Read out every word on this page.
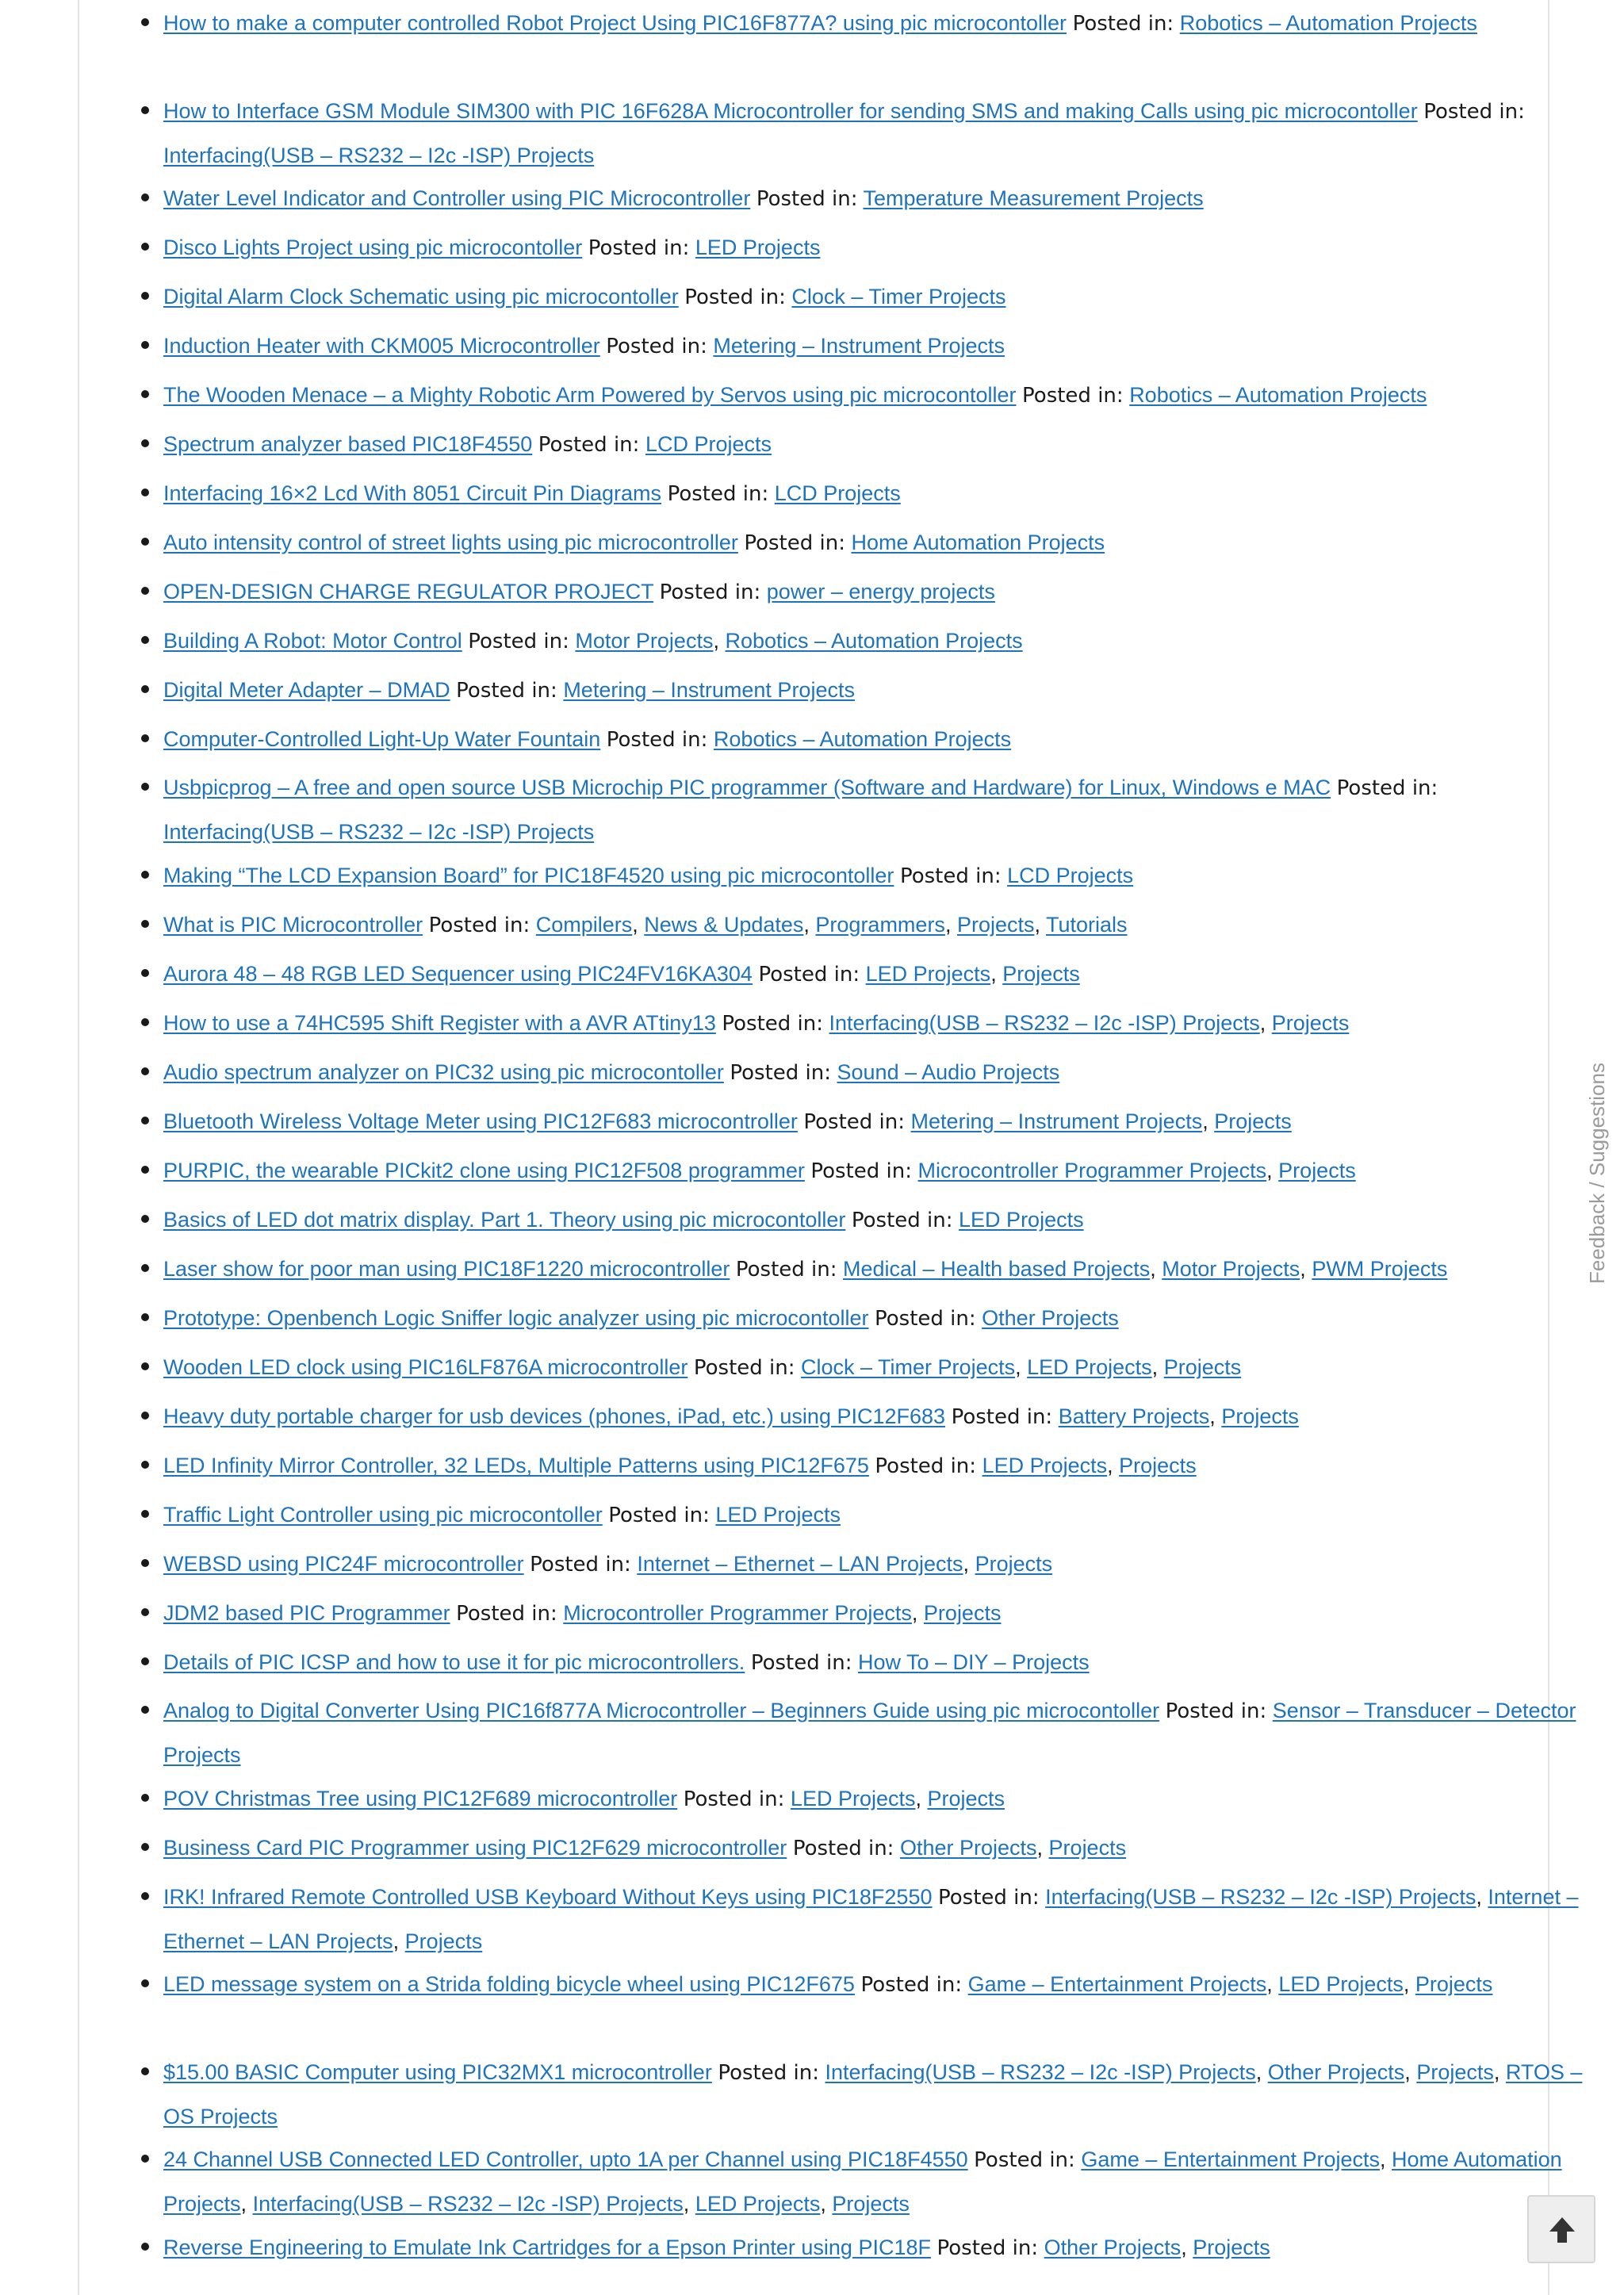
How to make a computer controlled Robot Project Using PIC16F877A? using pic microcontoller Posted in: Robotics – Automation Projects
How to Interface GSM Module SIM300 with PIC 16F628A Microcontroller for sending SMS and making Calls using pic microcontoller Posted in: Interfacing(USB – RS232 – I2c -ISP) Projects
Water Level Indicator and Controller using PIC Microcontroller Posted in: Temperature Measurement Projects
Disco Lights Project using pic microcontoller Posted in: LED Projects
Digital Alarm Clock Schematic using pic microcontoller Posted in: Clock – Timer Projects
Induction Heater with CKM005 Microcontroller Posted in: Metering – Instrument Projects
The Wooden Menace – a Mighty Robotic Arm Powered by Servos using pic microcontoller Posted in: Robotics – Automation Projects
Spectrum analyzer based PIC18F4550 Posted in: LCD Projects
Interfacing 16×2 Lcd With 8051 Circuit Pin Diagrams Posted in: LCD Projects
Auto intensity control of street lights using pic microcontroller Posted in: Home Automation Projects
OPEN-DESIGN CHARGE REGULATOR PROJECT Posted in: power – energy projects
Building A Robot: Motor Control Posted in: Motor Projects, Robotics – Automation Projects
Digital Meter Adapter – DMAD Posted in: Metering – Instrument Projects
Computer-Controlled Light-Up Water Fountain Posted in: Robotics – Automation Projects
Usbpicprog – A free and open source USB Microchip PIC programmer (Software and Hardware) for Linux, Windows e MAC Posted in: Interfacing(USB – RS232 – I2c -ISP) Projects
Making “The LCD Expansion Board” for PIC18F4520 using pic microcontoller Posted in: LCD Projects
What is PIC Microcontroller Posted in: Compilers, News & Updates, Programmers, Projects, Tutorials
Aurora 48 – 48 RGB LED Sequencer using PIC24FV16KA304 Posted in: LED Projects, Projects
How to use a 74HC595 Shift Register with a AVR ATtiny13 Posted in: Interfacing(USB – RS232 – I2c -ISP) Projects, Projects
Audio spectrum analyzer on PIC32 using pic microcontoller Posted in: Sound – Audio Projects
Bluetooth Wireless Voltage Meter using PIC12F683 microcontroller Posted in: Metering – Instrument Projects, Projects
PURPIC, the wearable PICkit2 clone using PIC12F508 programmer Posted in: Microcontroller Programmer Projects, Projects
Basics of LED dot matrix display. Part 1. Theory using pic microcontoller Posted in: LED Projects
Laser show for poor man using PIC18F1220 microcontroller Posted in: Medical – Health based Projects, Motor Projects, PWM Projects
Prototype: Openbench Logic Sniffer logic analyzer using pic microcontoller Posted in: Other Projects
Wooden LED clock using PIC16LF876A microcontroller Posted in: Clock – Timer Projects, LED Projects, Projects
Heavy duty portable charger for usb devices (phones, iPad, etc.) using PIC12F683 Posted in: Battery Projects, Projects
LED Infinity Mirror Controller, 32 LEDs, Multiple Patterns using PIC12F675 Posted in: LED Projects, Projects
Traffic Light Controller using pic microcontoller Posted in: LED Projects
WEBSD using PIC24F microcontroller Posted in: Internet – Ethernet – LAN Projects, Projects
JDM2 based PIC Programmer Posted in: Microcontroller Programmer Projects, Projects
Details of PIC ICSP and how to use it for pic microcontrollers. Posted in: How To – DIY – Projects
Analog to Digital Converter Using PIC16f877A Microcontroller – Beginners Guide using pic microcontoller Posted in: Sensor – Transducer – Detector Projects
POV Christmas Tree using PIC12F689 microcontroller Posted in: LED Projects, Projects
Business Card PIC Programmer using PIC12F629 microcontroller Posted in: Other Projects, Projects
IRK! Infrared Remote Controlled USB Keyboard Without Keys using PIC18F2550 Posted in: Interfacing(USB – RS232 – I2c -ISP) Projects, Internet – Ethernet – LAN Projects, Projects
LED message system on a Strida folding bicycle wheel using PIC12F675 Posted in: Game – Entertainment Projects, LED Projects, Projects
$15.00 BASIC Computer using PIC32MX1 microcontroller Posted in: Interfacing(USB – RS232 – I2c -ISP) Projects, Other Projects, Projects, RTOS – OS Projects
24 Channel USB Connected LED Controller, upto 1A per Channel using PIC18F4550 Posted in: Game – Entertainment Projects, Home Automation Projects, Interfacing(USB – RS232 – I2c -ISP) Projects, LED Projects, Projects
Reverse Engineering to Emulate Ink Cartridges for a Epson Printer using PIC18F Posted in: Other Projects, Projects
Feedback / Suggestions
